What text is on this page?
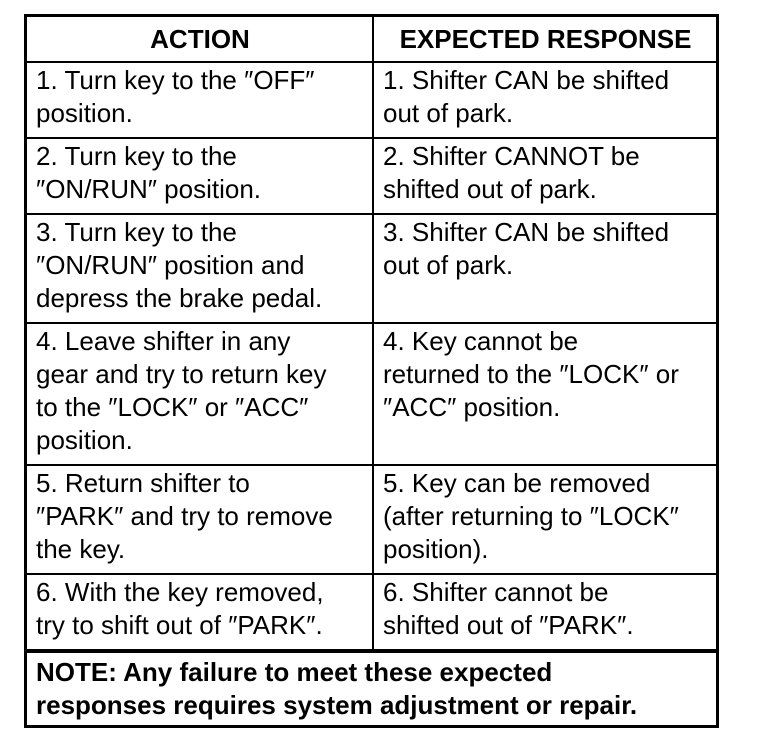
ACTION	EXPECTED RESPONSE
1. Turn key to the ″OFF″
position.	1. Shifter CAN be shifted
out of park.
2. Turn key to the
″ON/RUN″ position.	2. Shifter CANNOT be
shifted out of park.
3. Turn key to the
″ON/RUN″ position and
depress the brake pedal.	3. Shifter CAN be shifted
out of park.
4. Leave shifter in any
gear and try to return key
to the ″LOCK″ or ″ACC″
position.	4. Key cannot be
returned to the ″LOCK″ or
″ACC″ position.
5. Return shifter to
″PARK″ and try to remove
the key.	5. Key can be removed
(after returning to ″LOCK″
position).
6. With the key removed,
try to shift out of ″PARK″.	6. Shifter cannot be
shifted out of ″PARK″.
NOTE: Any failure to meet these expected
responses requires system adjustment or repair.
